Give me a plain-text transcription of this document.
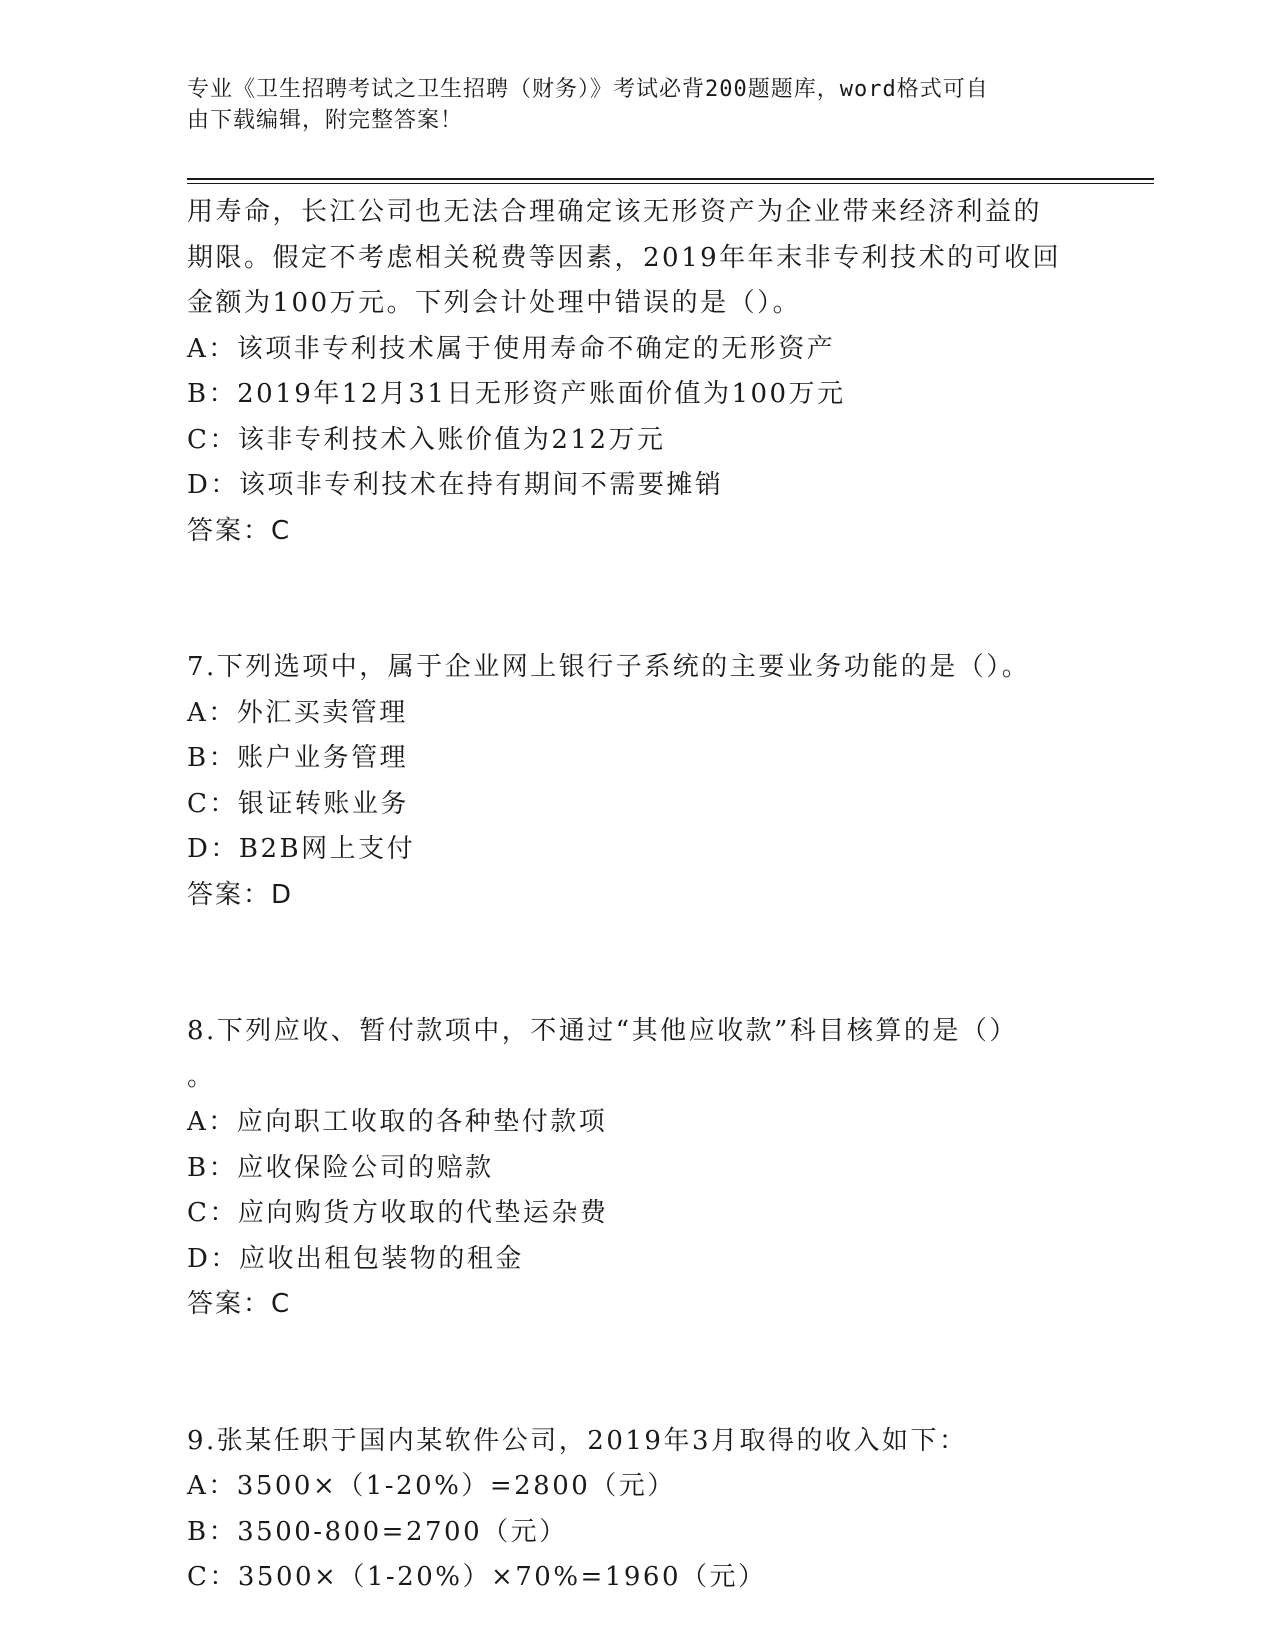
专业《卫生招聘考试之卫生招聘（财务）》考试必背200题题库，word格式可自
由下载编辑，附完整答案！
用寿命，长江公司也无法合理确定该无形资产为企业带来经济利益的
期限。假定不考虑相关税费等因素，2019年年末非专利技术的可收回
金额为100万元。下列会计处理中错误的是（）。
A：该项非专利技术属于使用寿命不确定的无形资产
B：2019年12月31日无形资产账面价值为100万元
C：该非专利技术入账价值为212万元
D：该项非专利技术在持有期间不需要摊销
答案：C
7.下列选项中，属于企业网上银行子系统的主要业务功能的是（）。
A：外汇买卖管理
B：账户业务管理
C：银证转账业务
D：B2B网上支付
答案：D
8.下列应收、暂付款项中，不通过“其他应收款”科目核算的是（）
。
A：应向职工收取的各种垫付款项
B：应收保险公司的赔款
C：应向购货方收取的代垫运杂费
D：应收出租包装物的租金
答案：C
9.张某任职于国内某软件公司，2019年3月取得的收入如下：
A：3500×（1-20%）=2800（元）
B：3500-800=2700（元）
C：3500×（1-20%）×70%=1960（元）
